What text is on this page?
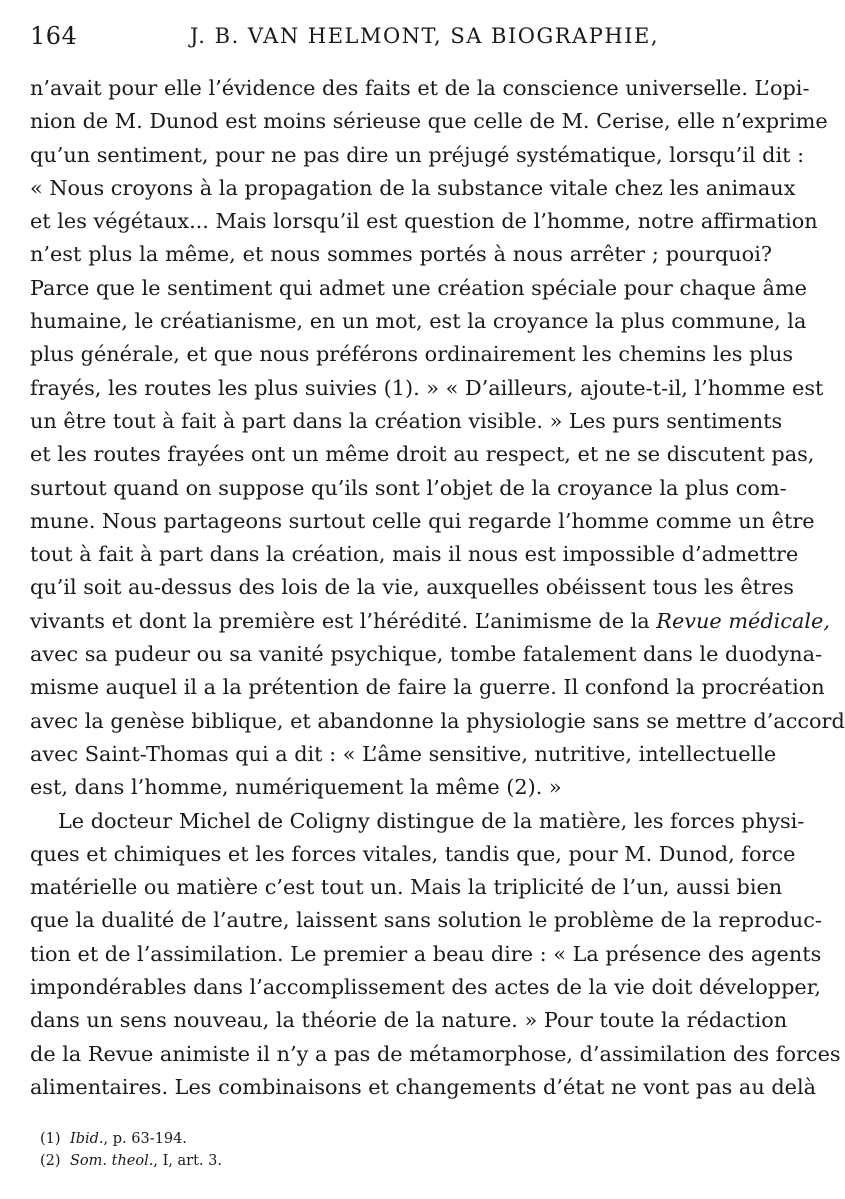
164	J. B. VAN HELMONT, SA BIOGRAPHIE,
n’avait pour elle l’évidence des faits et de la conscience universelle. L’opi-
nion de M. Dunod est moins sérieuse que celle de M. Cerise, elle n’exprime
qu’un sentiment, pour ne pas dire un préjugé systématique, lorsqu’il dit :
« Nous croyons à la propagation de la substance vitale chez les animaux
et les végétaux... Mais lorsqu’il est question de l’homme, notre affirmation
n’est plus la même, et nous sommes portés à nous arrêter ; pourquoi?
Parce que le sentiment qui admet une création spéciale pour chaque âme
humaine, le créatianisme, en un mot, est la croyance la plus commune, la
plus générale, et que nous préférons ordinairement les chemins les plus
frayés, les routes les plus suivies (1). » « D’ailleurs, ajoute-t-il, l’homme est
un être tout à fait à part dans la création visible. » Les purs sentiments
et les routes frayées ont un même droit au respect, et ne se discutent pas,
surtout quand on suppose qu’ils sont l’objet de la croyance la plus com-
mune. Nous partageons surtout celle qui regarde l’homme comme un être
tout à fait à part dans la création, mais il nous est impossible d’admettre
qu’il soit au-dessus des lois de la vie, auxquelles obéissent tous les êtres
vivants et dont la première est l’hérédité. L’animisme de la Revue médicale,
avec sa pudeur ou sa vanité psychique, tombe fatalement dans le duodyna-
misme auquel il a la prétention de faire la guerre. Il confond la procréation
avec la genèse biblique, et abandonne la physiologie sans se mettre d’accord
avec Saint-Thomas qui a dit : « L’âme sensitive, nutritive, intellectuelle
est, dans l’homme, numériquement la même (2). »
Le docteur Michel de Coligny distingue de la matière, les forces physi-
ques et chimiques et les forces vitales, tandis que, pour M. Dunod, force
matérielle ou matière c’est tout un. Mais la triplicité de l’un, aussi bien
que la dualité de l’autre, laissent sans solution le problème de la reproduc-
tion et de l’assimilation. Le premier a beau dire : « La présence des agents
impondérables dans l’accomplissement des actes de la vie doit développer,
dans un sens nouveau, la théorie de la nature. » Pour toute la rédaction
de la Revue animiste il n’y a pas de métamorphose, d’assimilation des forces
alimentaires. Les combinaisons et changements d’état ne vont pas au delà
(1) Ibid., p. 63-194.
(2) Som. theol., I, art. 3.
